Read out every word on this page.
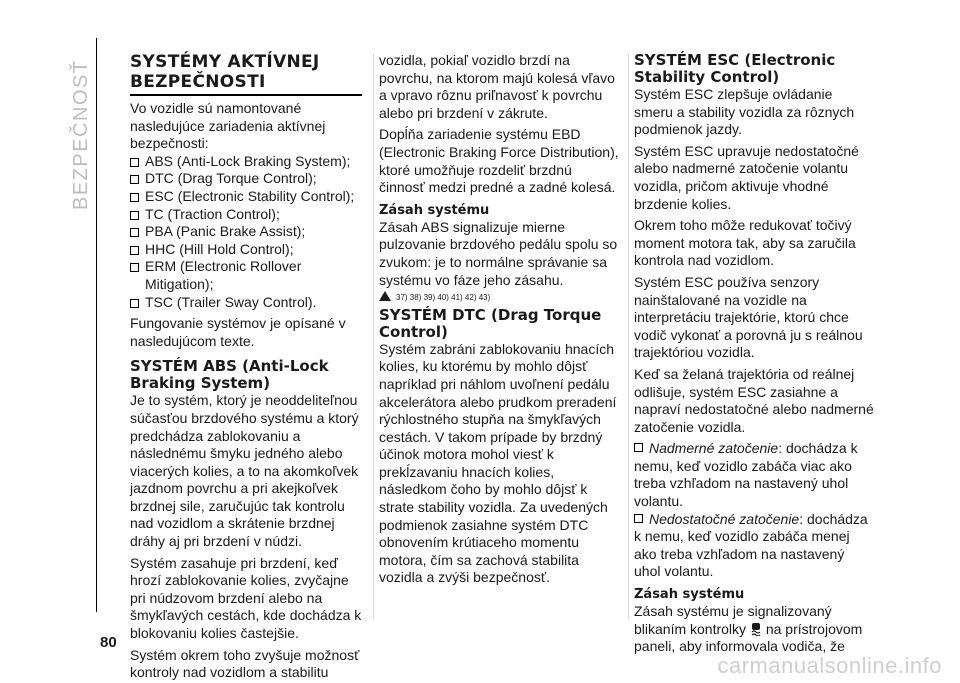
BEZPEČNOSŤ SYSTÉMY AKTÍVNEJ BEZPEČNOSTI

Vo vozidle sú namontované nasledujúce zariadenia aktívnej bezpečnosti:

ABS (Anti-Lock Braking System);
DTC (Drag Torque Control);
ESC (Electronic Stability Control);
TC (Traction Control);
PBA (Panic Brake Assist);
HHC (Hill Hold Control);
ERM (Electronic Rollover Mitigation);
TSC (Trailer Sway Control).

Fungovanie systémov je opísané v nasledujúcom texte.

SYSTÉM ABS (Anti-Lock Braking System)

Je to systém, ktorý je neoddeliteľnou súčasťou brzdového systému a ktorý predchádza zablokovaniu a následnému šmyku jedného alebo viacerých kolies, a to na akomkoľvek jazdnom povrchu a pri akejkoľvek brzdnej sile, zaručujúc tak kontrolu nad vozidlom a skrátenie brzdnej dráhy aj pri brzdení v núdzi.

Systém zasahuje pri brzdení, keď hrozí zablokovanie kolies, zvyčajne pri núdzovom brzdení alebo na šmykľavých cestách, kde dochádza k blokovaniu kolies častejšie.

Systém okrem toho zvyšuje možnosť kontroly nad vozidlom a stabilitu

vozidla, pokiaľ vozidlo brzdí na povrchu, na ktorom majú kolesá vľavo a vpravo rôznu priľnavosť k povrchu alebo pri brzdení v zákrute.

Dopĺňa zariadenie systému EBD (Electronic Braking Force Distribution), ktoré umožňuje rozdeliť brzdnú činnosť medzi predné a zadné kolesá.

Zásah systému

Zásah ABS signalizuje mierne pulzovanie brzdového pedálu spolu so zvukom: je to normálne správanie sa systému vo fáze jeho zásahu.

37) 38) 39) 40) 41) 42) 43)

SYSTÉM DTC (Drag Torque Control)

Systém zabráni zablokovaniu hnacích kolies, ku ktorému by mohlo dôjsť napríklad pri náhlom uvoľnení pedálu akcelerátora alebo prudkom preradení rýchlostného stupňa na šmykľavých cestách. V takom prípade by brzdný účinok motora mohol viesť k prekĺzavaniu hnacích kolies, následkom čoho by mohlo dôjsť k strate stability vozidla. Za uvedených podmienok zasiahne systém DTC obnovením krútiaceho momentu motora, čím sa zachová stabilita vozidla a zvýši bezpečnosť.

SYSTÉM ESC (Electronic Stability Control)

Systém ESC zlepšuje ovládanie smeru a stability vozidla za rôznych podmienok jazdy.

Systém ESC upravuje nedostatočné alebo nadmerné zatočenie volantu vozidla, pričom aktivuje vhodné brzdenie kolies.

Okrem toho môže redukovať točivý moment motora tak, aby sa zaručila kontrola nad vozidlom.

Systém ESC používa senzory nainštalované na vozidle na interpretáciu trajektórie, ktorú chce vodič vykonať a porovná ju s reálnou trajektóriou vozidla.

Keď sa želaná trajektória od reálnej odlišuje, systém ESC zasiahne a napraví nedostatočné alebo nadmerné zatočenie vozidla.

Nadmerné zatočenie: dochádza k nemu, keď vozidlo zabáča viac ako treba vzhľadom na nastavený uhol volantu.

Nedostatočné zatočenie: dochádza k nemu, keď vozidlo zabáča menej ako treba vzhľadom na nastavený uhol volantu.

Zásah systému

Zásah systému je signalizovaný blikaním kontrolky na prístrojovom paneli, aby informovala vodiča, že

80
carmanualsonline.info
